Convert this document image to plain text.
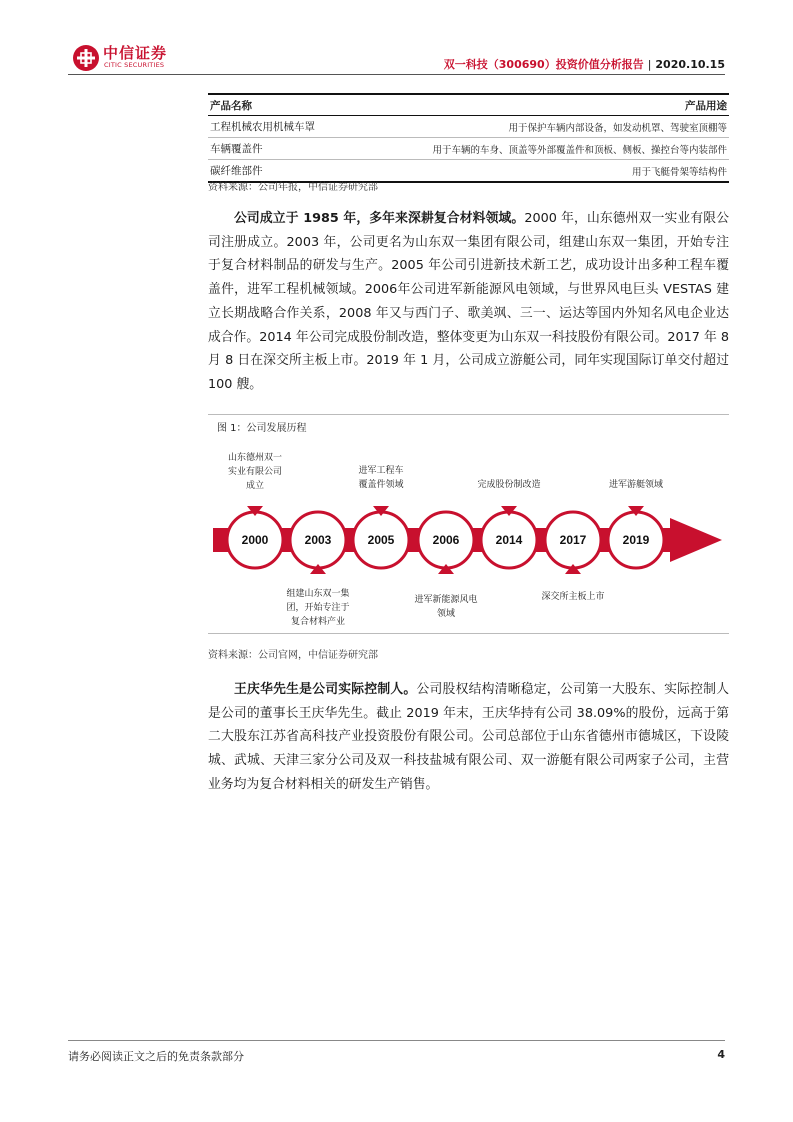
中信证券
CITIC SECURITIES	双一科技（300690）投资价值分析报告 | 2020.10.15
产品名称	产品用途
工程机械农用机械车罩	用于保护车辆内部设备，如发动机罩、驾驶室顶棚等
车辆覆盖件	用于车辆的车身、顶盖等外部覆盖件和顶板、侧板、操控台等内装部件
碳纤维部件	用于飞艇骨架等结构件
资料来源：公司年报，中信证券研究部
公司成立于 1985 年，多年来深耕复合材料领域。2000 年，山东德州双一实业有限公司注册成立。2003 年，公司更名为山东双一集团有限公司，组建山东双一集团，开始专注于复合材料制品的研发与生产。2005 年公司引进新技术新工艺，成功设计出多种工程车覆盖件，进军工程机械领域。2006年公司进军新能源风电领域，与世界风电巨头 VESTAS 建立长期战略合作关系，2008 年又与西门子、歌美飒、三一、运达等国内外知名风电企业达成合作。2014 年公司完成股份制改造，整体变更为山东双一科技股份有限公司。2017 年 8 月 8 日在深交所主板上市。2019 年 1 月，公司成立游艇公司，同年实现国际订单交付超过 100 艘。
图 1：公司发展历程
2000	2003	2005	2006	2014	2017	2019
山东德州双一
实业有限公司
成立
进军工程车
覆盖件领域	完成股份制改造	进军游艇领域
组建山东双一集
团，开始专注于
复合材料产业
进军新能源风电
领域
深交所主板上市
资料来源：公司官网，中信证券研究部
王庆华先生是公司实际控制人。公司股权结构清晰稳定，公司第一大股东、实际控制人是公司的董事长王庆华先生。截止 2019 年末，王庆华持有公司 38.09%的股份，远高于第二大股东江苏省高科技产业投资股份有限公司。公司总部位于山东省德州市德城区，下设陵城、武城、天津三家分公司及双一科技盐城有限公司、双一游艇有限公司两家子公司，主营业务均为复合材料相关的研发生产销售。
请务必阅读正文之后的免责条款部分	4
